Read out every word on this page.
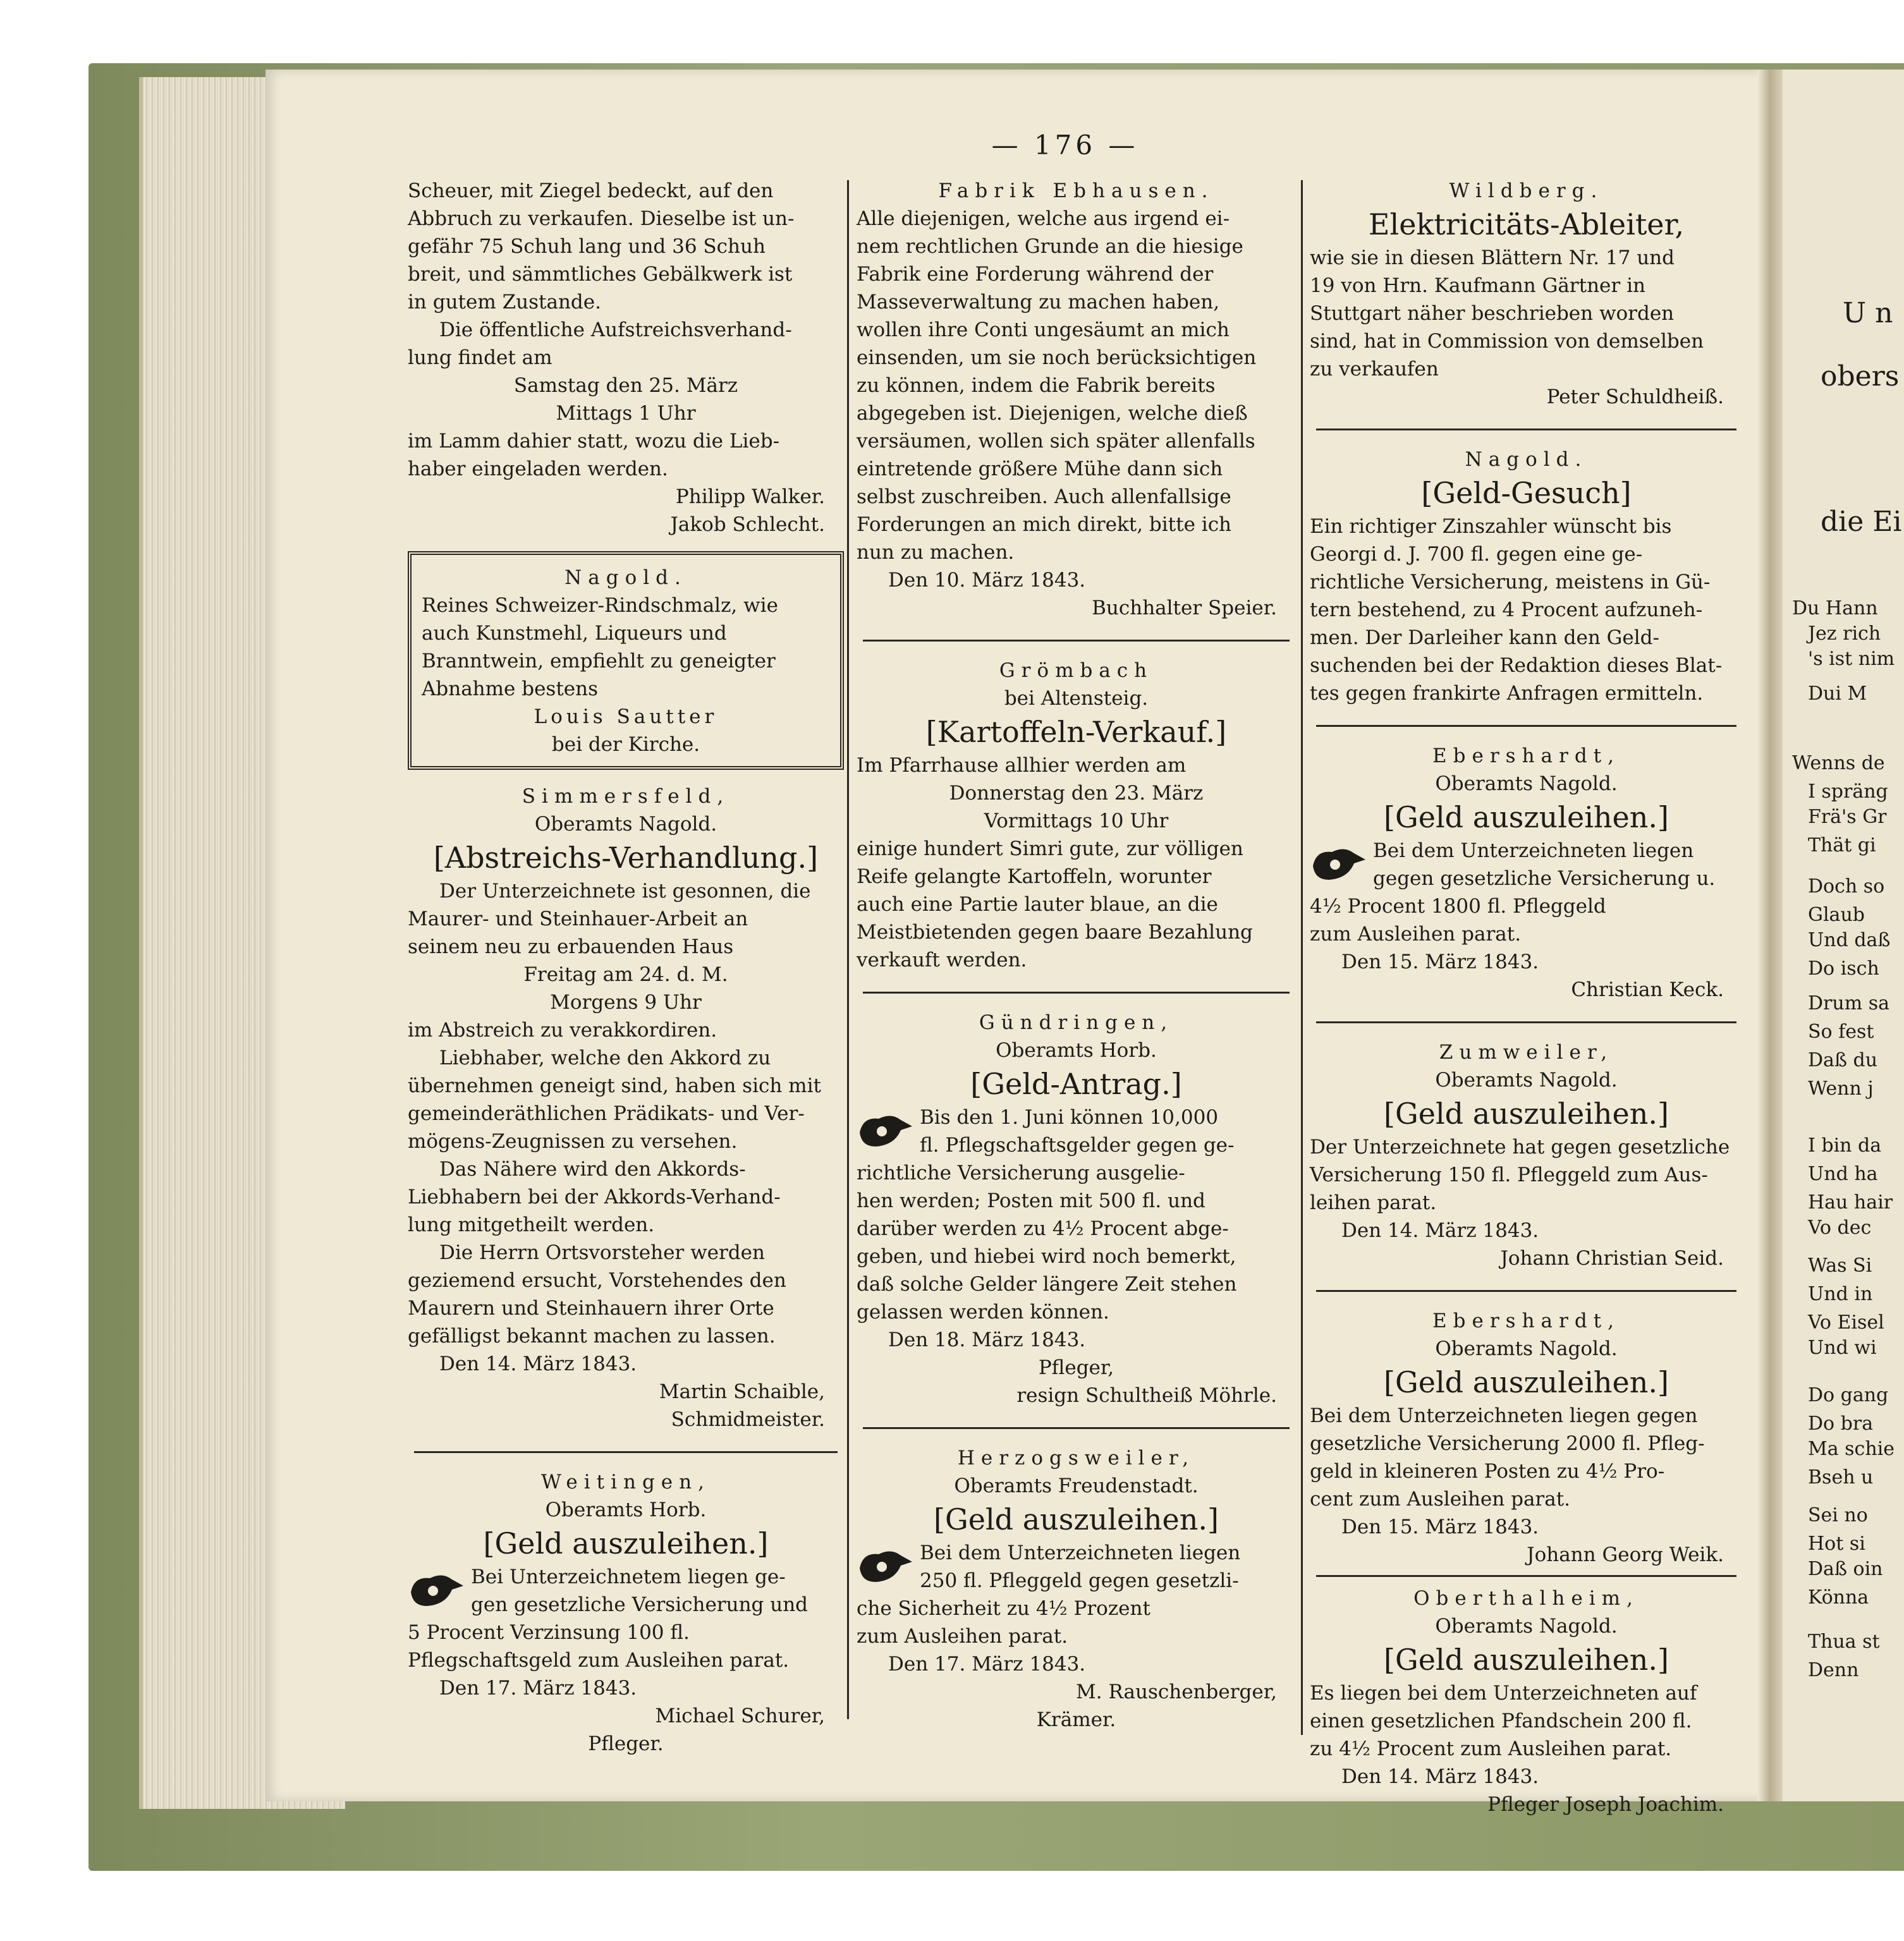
— 176 —
Scheuer, mit Ziegel bedeckt, auf den
Abbruch zu verkaufen. Dieselbe ist un-
gefähr 75 Schuh lang und 36 Schuh
breit, und sämmtliches Gebälkwerk ist
in gutem Zustande.
Die öffentliche Aufstreichsverhand-
lung findet am
Samstag den 25. März
Mittags 1 Uhr
im Lamm dahier statt, wozu die Lieb-
haber eingeladen werden.
Philipp Walker.
Jakob Schlecht.
Nagold.
Reines Schweizer-Rindschmalz, wie
auch Kunstmehl, Liqueurs und
Branntwein, empfiehlt zu geneigter
Abnahme bestens
Louis Sautter
bei der Kirche.
Simmersfeld,
Oberamts Nagold.
[Abstreichs-Verhandlung.]
Der Unterzeichnete ist gesonnen, die
Maurer- und Steinhauer-Arbeit an
seinem neu zu erbauenden Haus
Freitag am 24. d. M.
Morgens 9 Uhr
im Abstreich zu verakkordiren.
Liebhaber, welche den Akkord zu
übernehmen geneigt sind, haben sich mit
gemeinderäthlichen Prädikats- und Ver-
mögens-Zeugnissen zu versehen.
Das Nähere wird den Akkords-
Liebhabern bei der Akkords-Verhand-
lung mitgetheilt werden.
Die Herrn Ortsvorsteher werden
geziemend ersucht, Vorstehendes den
Maurern und Steinhauern ihrer Orte
gefälligst bekannt machen zu lassen.
Den 14. März 1843.
Martin Schaible,
Schmidmeister.
Weitingen,
Oberamts Horb.
[Geld auszuleihen.]
Bei Unterzeichnetem liegen ge-
gen gesetzliche Versicherung und
5 Procent Verzinsung 100 fl.
Pflegschaftsgeld zum Ausleihen parat.
Den 17. März 1843.
Michael Schurer,
Pfleger.
Fabrik Ebhausen.
Alle diejenigen, welche aus irgend ei-
nem rechtlichen Grunde an die hiesige
Fabrik eine Forderung während der
Masseverwaltung zu machen haben,
wollen ihre Conti ungesäumt an mich
einsenden, um sie noch berücksichtigen
zu können, indem die Fabrik bereits
abgegeben ist. Diejenigen, welche dieß
versäumen, wollen sich später allenfalls
eintretende größere Mühe dann sich
selbst zuschreiben. Auch allenfallsige
Forderungen an mich direkt, bitte ich
nun zu machen.
Den 10. März 1843.
Buchhalter Speier.
Grömbach
bei Altensteig.
[Kartoffeln-Verkauf.]
Im Pfarrhause allhier werden am
Donnerstag den 23. März
Vormittags 10 Uhr
einige hundert Simri gute, zur völligen
Reife gelangte Kartoffeln, worunter
auch eine Partie lauter blaue, an die
Meistbietenden gegen baare Bezahlung
verkauft werden.
Gündringen,
Oberamts Horb.
[Geld-Antrag.]
Bis den 1. Juni können 10,000
fl. Pflegschaftsgelder gegen ge-
richtliche Versicherung ausgelie-
hen werden; Posten mit 500 fl. und
darüber werden zu 4½ Procent abge-
geben, und hiebei wird noch bemerkt,
daß solche Gelder längere Zeit stehen
gelassen werden können.
Den 18. März 1843.
Pfleger,
resign Schultheiß Möhrle.
Herzogsweiler,
Oberamts Freudenstadt.
[Geld auszuleihen.]
Bei dem Unterzeichneten liegen
250 fl. Pfleggeld gegen gesetzli-
che Sicherheit zu 4½ Prozent
zum Ausleihen parat.
Den 17. März 1843.
M. Rauschenberger,
Krämer.
Wildberg.
Elektricitäts-Ableiter,
wie sie in diesen Blättern Nr. 17 und
19 von Hrn. Kaufmann Gärtner in
Stuttgart näher beschrieben worden
sind, hat in Commission von demselben
zu verkaufen
Peter Schuldheiß.
Nagold.
[Geld-Gesuch]
Ein richtiger Zinszahler wünscht bis
Georgi d. J. 700 fl. gegen eine ge-
richtliche Versicherung, meistens in Gü-
tern bestehend, zu 4 Procent aufzuneh-
men. Der Darleiher kann den Geld-
suchenden bei der Redaktion dieses Blat-
tes gegen frankirte Anfragen ermitteln.
Ebershardt,
Oberamts Nagold.
[Geld auszuleihen.]
Bei dem Unterzeichneten liegen
gegen gesetzliche Versicherung u.
4½ Procent 1800 fl. Pfleggeld
zum Ausleihen parat.
Den 15. März 1843.
Christian Keck.
Zumweiler,
Oberamts Nagold.
[Geld auszuleihen.]
Der Unterzeichnete hat gegen gesetzliche
Versicherung 150 fl. Pfleggeld zum Aus-
leihen parat.
Den 14. März 1843.
Johann Christian Seid.
Ebershardt,
Oberamts Nagold.
[Geld auszuleihen.]
Bei dem Unterzeichneten liegen gegen
gesetzliche Versicherung 2000 fl. Pfleg-
geld in kleineren Posten zu 4½ Pro-
cent zum Ausleihen parat.
Den 15. März 1843.
Johann Georg Weik.
Oberthalheim,
Oberamts Nagold.
[Geld auszuleihen.]
Es liegen bei dem Unterzeichneten auf
einen gesetzlichen Pfandschein 200 fl.
zu 4½ Procent zum Ausleihen parat.
Den 14. März 1843.
Pfleger Joseph Joachim.
U n
obers
die Ei
Du Hann
Jez rich
's ist nim
Dui M
Wenns de
I spräng
Frä's Gr
Thät gi
Doch so
Glaub
Und daß
Do isch
Drum sa
So fest
Daß du
Wenn j
I bin da
Und ha
Hau hair
Vo dec
Was Si
Und in
Vo Eisel
Und wi
Do gang
Do bra
Ma schie
Bseh u
Sei no
Hot si
Daß oin
Könna
Thua st
Denn
